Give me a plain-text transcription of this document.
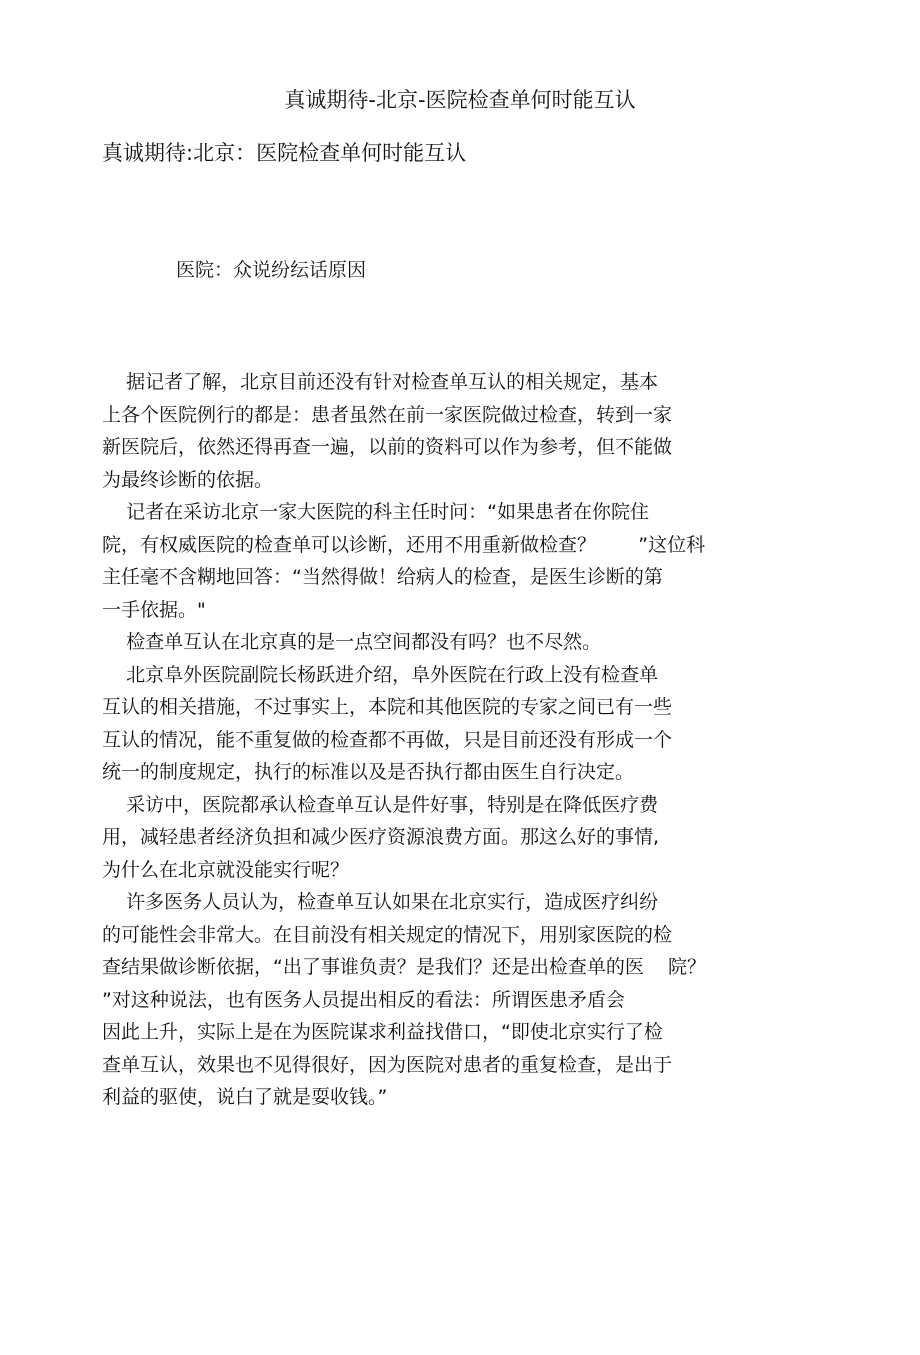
真诚期待-北京-医院检查单何时能互认
真诚期待:北京：医院检查单何时能互认
医院：众说纷纭话原因
据记者了解，北京目前还没有针对检查单互认的相关规定，基本
上各个医院例行的都是：患者虽然在前一家医院做过检查，转到一家
新医院后，依然还得再查一遍，以前的资料可以作为参考，但不能做
为最终诊断的依据。
记者在采访北京一家大医院的科主任时问：“如果患者在你院住
院，有权威医院的检查单可以诊断，还用不用重新做检查？       ”这位科
主任毫不含糊地回答：“当然得做！给病人的检查，是医生诊断的第
一手依据。"
检查单互认在北京真的是一点空间都没有吗？也不尽然。
北京阜外医院副院长杨跃进介绍，阜外医院在行政上没有检查单
互认的相关措施，不过事实上，本院和其他医院的专家之间已有一些
互认的情况，能不重复做的检查都不再做，只是目前还没有形成一个
统一的制度规定，执行的标准以及是否执行都由医生自行决定。
采访中，医院都承认检查单互认是件好事，特别是在降低医疗费
用，减轻患者经济负担和减少医疗资源浪费方面。那这么好的事情,
为什么在北京就没能实行呢？
许多医务人员认为，检查单互认如果在北京实行，造成医疗纠纷
的可能性会非常大。在目前没有相关规定的情况下，用别家医院的检
查结果做诊断依据，“出了事谁负责？是我们？还是出检查单的医    院？
”对这种说法，也有医务人员提出相反的看法：所谓医患矛盾会
因此上升，实际上是在为医院谋求利益找借口，“即使北京实行了检
查单互认，效果也不见得很好，因为医院对患者的重复检查，是出于
利益的驱使，说白了就是耍收钱。”
